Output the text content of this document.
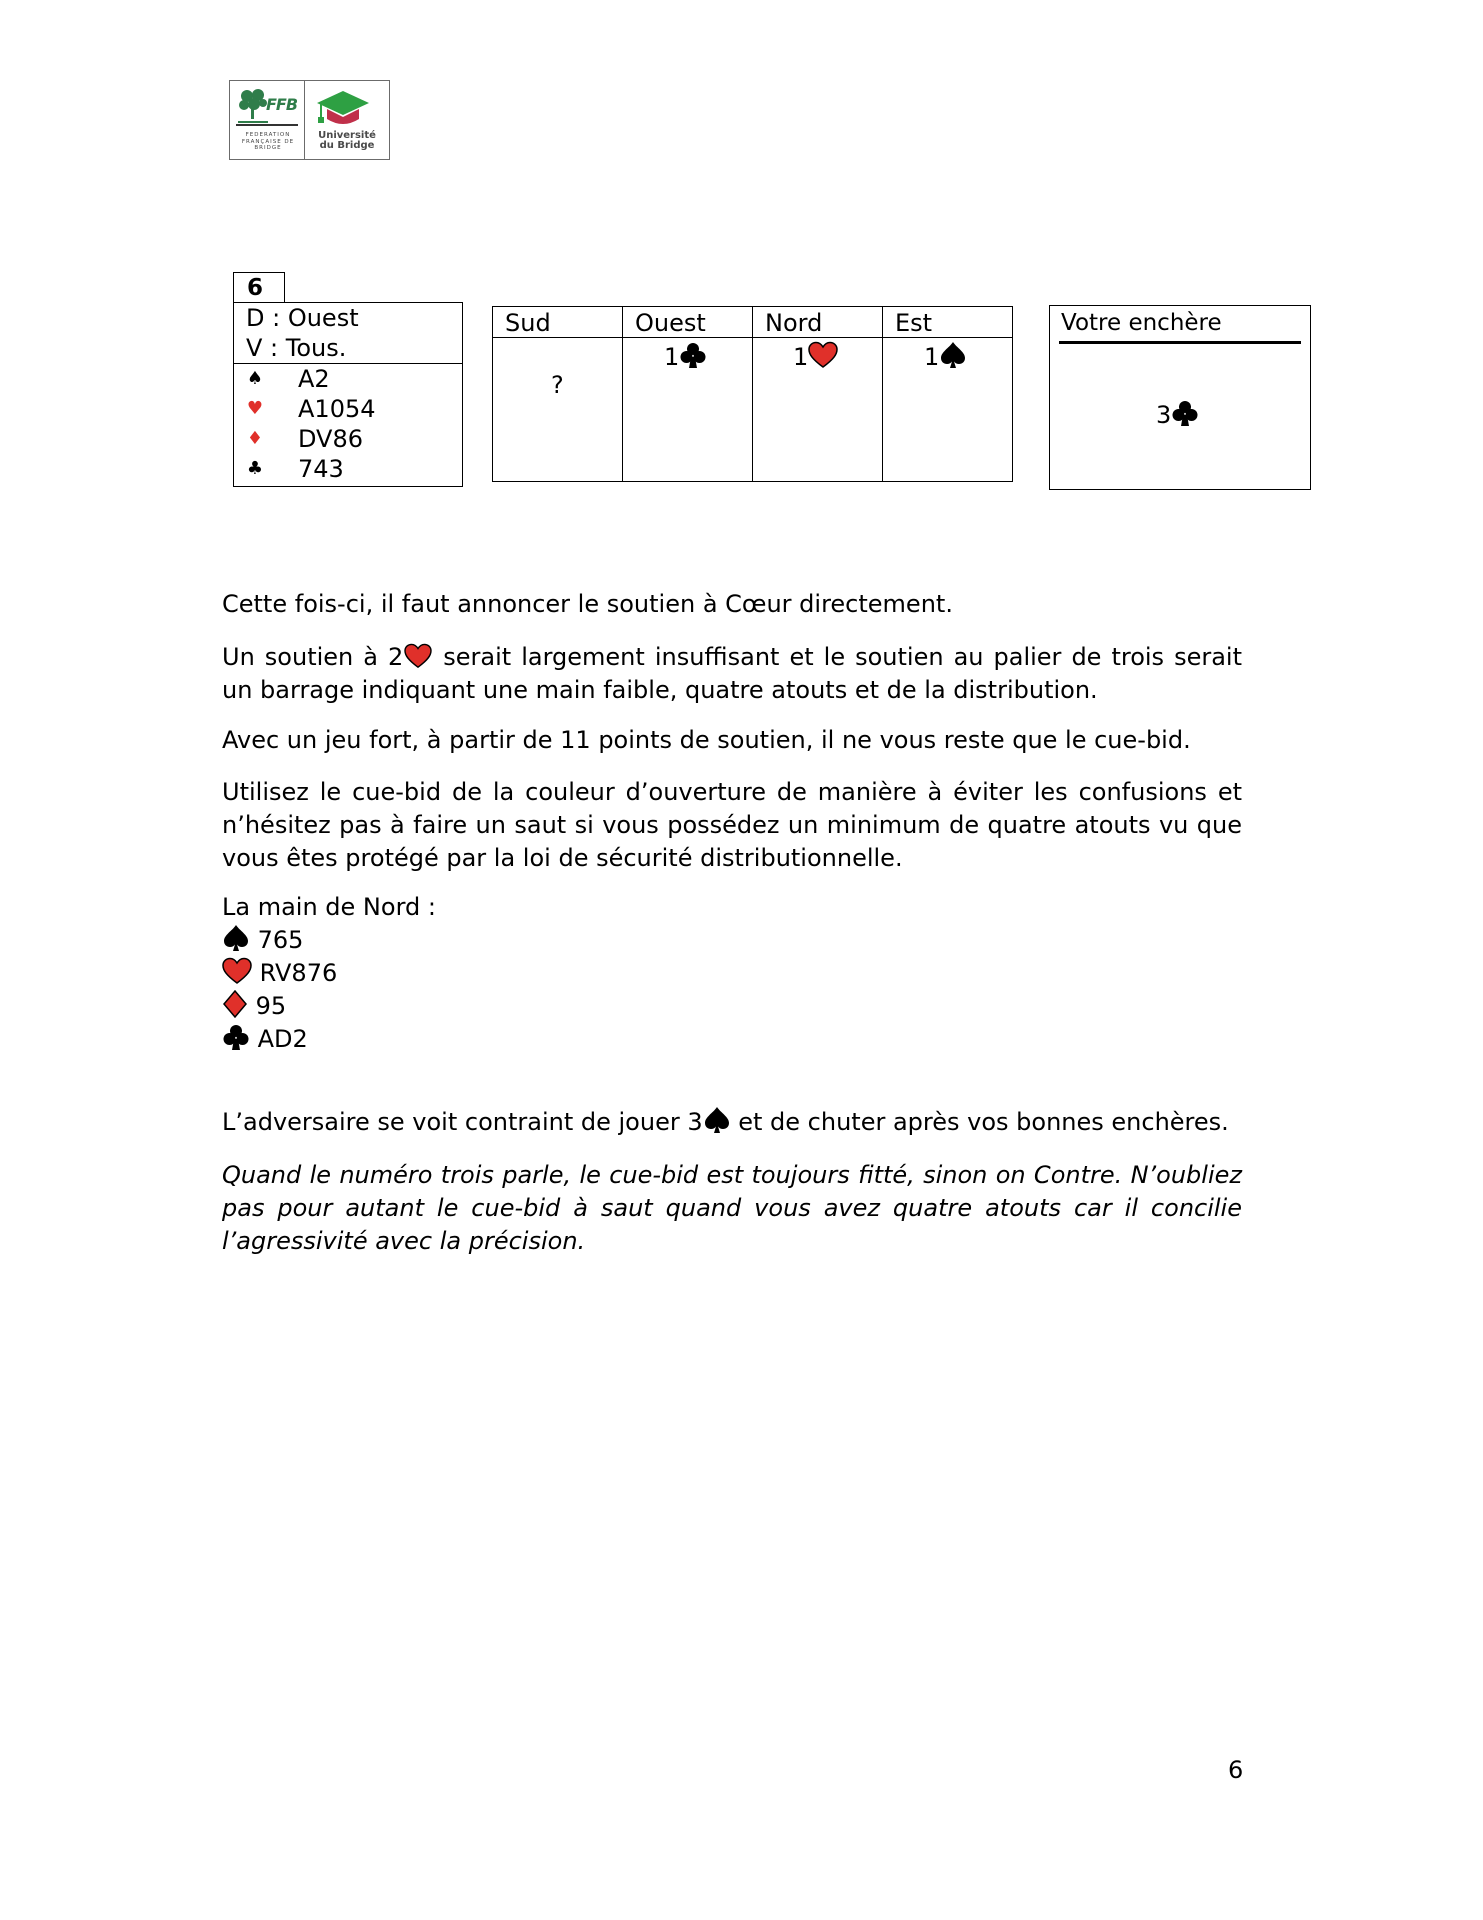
FFB
FEDERATION FRANÇAISE DE BRIDGE
Université
du Bridge
6
D : Ouest
V : Tous.
♠ A2
♥ A1054
♦ DV86
♣ 743
Sud
?
Ouest
1
Nord
1
Est
1
Votre enchère
3
Cette fois-ci, il faut annoncer le soutien à Cœur directement.
Un soutien à 2 serait largement insuffisant et le soutien au palier de trois serait un barrage indiquant une main faible, quatre atouts et de la distribution.
Avec un jeu fort, à partir de 11 points de soutien, il ne vous reste que le cue-bid.
Utilisez le cue-bid de la couleur d’ouverture de manière à éviter les confusions et n’hésitez pas à faire un saut si vous possédez un minimum de quatre atouts vu que vous êtes protégé par la loi de sécurité distributionnelle.
La main de Nord :
765
RV876
95
AD2
L’adversaire se voit contraint de jouer 3 et de chuter après vos bonnes enchères.
Quand le numéro trois parle, le cue-bid est toujours fitté, sinon on Contre. N’oubliez pas pour autant le cue-bid à saut quand vous avez quatre atouts car il concilie l’agressivité avec la précision.
6
